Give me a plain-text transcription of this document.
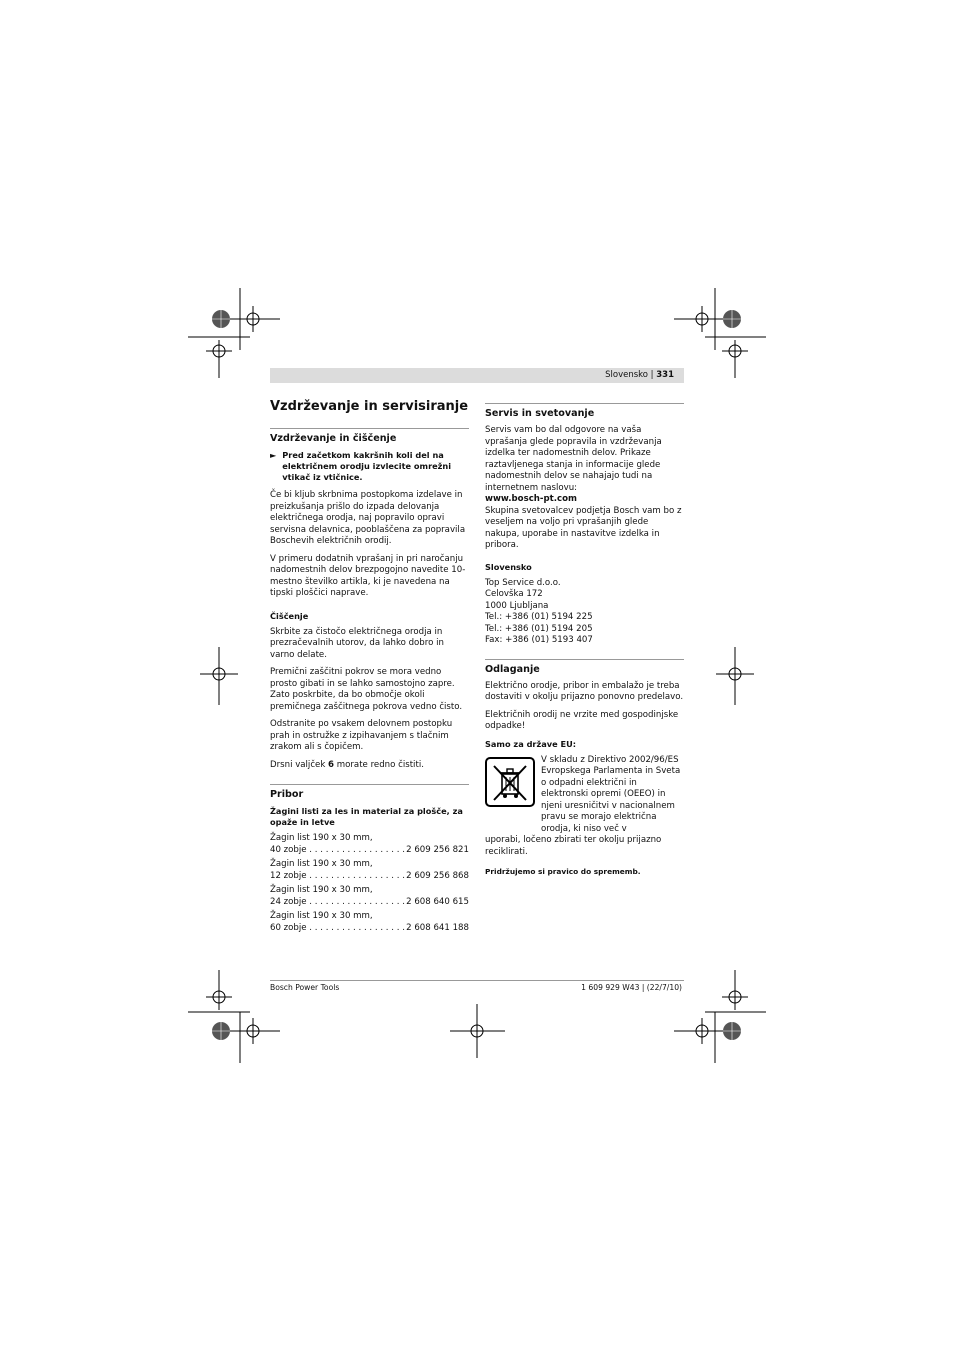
Slovensko | 331
Vzdrževanje in servisiranje
Vzdrževanje in čiščenje
► Pred začetkom kakršnih koli del na električnem orodju izvlecite omrežni vtikač iz vtičnice.

Če bi kljub skrbnima postopkoma izdelave in preizkušanja prišlo do izpada delovanja električnega orodja, naj popravilo opravi servisna delavnica, pooblaščena za popravila Boschevih električnih orodij.

V primeru dodatnih vprašanj in pri naročanju nadomestnih delov brezpogojno navedite 10-mestno številko artikla, ki je navedena na tipski ploščici naprave.

Čiščenje

Skrbite za čistočo električnega orodja in prezračevalnih utorov, da lahko dobro in varno delate.

Premični zaščitni pokrov se mora vedno prosto gibati in se lahko samostojno zapre. Zato poskrbite, da bo območje okoli premičnega zaščitnega pokrova vedno čisto.

Odstranite po vsakem delovnem postopku prah in ostružke z izpihavanjem s tlačnim zrakom ali s čopičem.

Drsni valjček 6 morate redno čistiti.

Pribor
Žagini listi za les in material za plošče, za opaže in letve
Žagin list 190 x 30 mm,
40 zobje . . .	2 609 256 821
Žagin list 190 x 30 mm,
12 zobje . . .	2 609 256 868
Žagin list 190 x 30 mm,
24 zobje . . .	2 608 640 615
Žagin list 190 x 30 mm,
60 zobje . . .	2 608 641 188
Servis in svetovanje
Servis vam bo dal odgovore na vaša vprašanja glede popravila in vzdrževanja izdelka ter nadomestnih delov. Prikaze raztavljenega stanja in informacije glede nadomestnih delov se nahajajo tudi na internetnem naslovu:
www.bosch-pt.com

Skupina svetovalcev podjetja Bosch vam bo z veseljem na voljo pri vprašanjih glede nakupa, uporabe in nastavitve izdelka in pribora.

Slovensko
Top Service d.o.o.
Celovška 172
1000 Ljubljana
Tel.: +386 (01) 5194 225
Tel.: +386 (01) 5194 205
Fax: +386 (01) 5193 407
Odlaganje

Električno orodje, pribor in embalažo je treba dostaviti v okolju prijazno ponovno predelavo.

Električnih orodij ne vrzite med gospodinjske odpadke!

Samo za države EU:
V skladu z Direktivo 2002/96/ES Evropskega Parlamenta in Sveta o odpadni električni in elektronski opremi (OEEO) in njeni uresničitvi v nacionalnem pravu se morajo električna orodja, ki niso več v

uporabi, ločeno zbirati ter okolju prijazno reciklirati.

Pridržujemo si pravico do sprememb.
Bosch Power Tools	1 609 929 W43 | (22/7/10)
